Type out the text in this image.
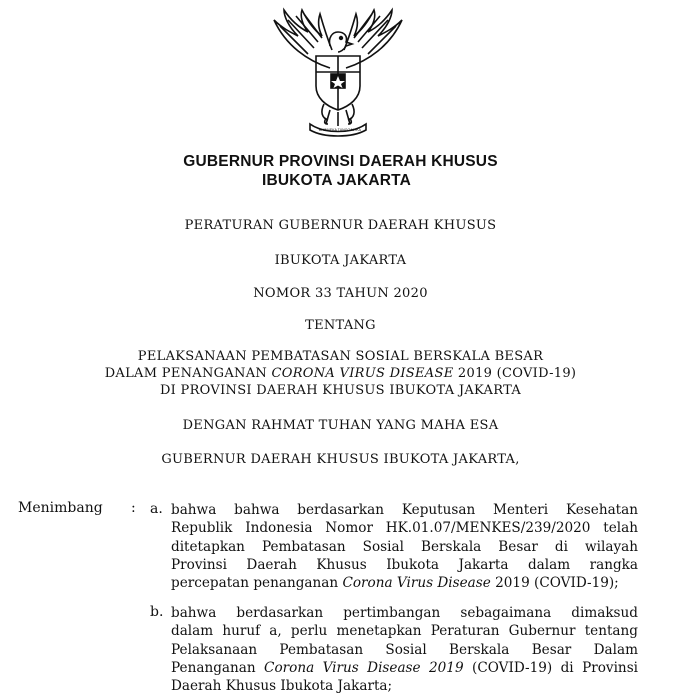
BHINNEKA TUNGGAL IKA
GUBERNUR PROVINSI DAERAH KHUSUS
IBUKOTA JAKARTA
PERATURAN GUBERNUR DAERAH KHUSUS
IBUKOTA JAKARTA
NOMOR 33 TAHUN 2020
TENTANG
PELAKSANAAN PEMBATASAN SOSIAL BERSKALA BESAR
DALAM PENANGANAN CORONA VIRUS DISEASE 2019 (COVID-19)
DI PROVINSI DAERAH KHUSUS IBUKOTA JAKARTA
DENGAN RAHMAT TUHAN YANG MAHA ESA
GUBERNUR DAERAH KHUSUS IBUKOTA JAKARTA,
Menimbang : a. bahwa bahwa berdasarkan Keputusan Menteri Kesehatan
Republik Indonesia Nomor HK.01.07/MENKES/239/2020 telah
ditetapkan Pembatasan Sosial Berskala Besar di wilayah
Provinsi Daerah Khusus Ibukota Jakarta dalam rangka
percepatan penanganan Corona Virus Disease 2019 (COVID-19);
b. bahwa berdasarkan pertimbangan sebagaimana dimaksud
dalam huruf a, perlu menetapkan Peraturan Gubernur tentang
Pelaksanaan Pembatasan Sosial Berskala Besar Dalam
Penanganan Corona Virus Disease 2019 (COVID-19) di Provinsi
Daerah Khusus Ibukota Jakarta;
